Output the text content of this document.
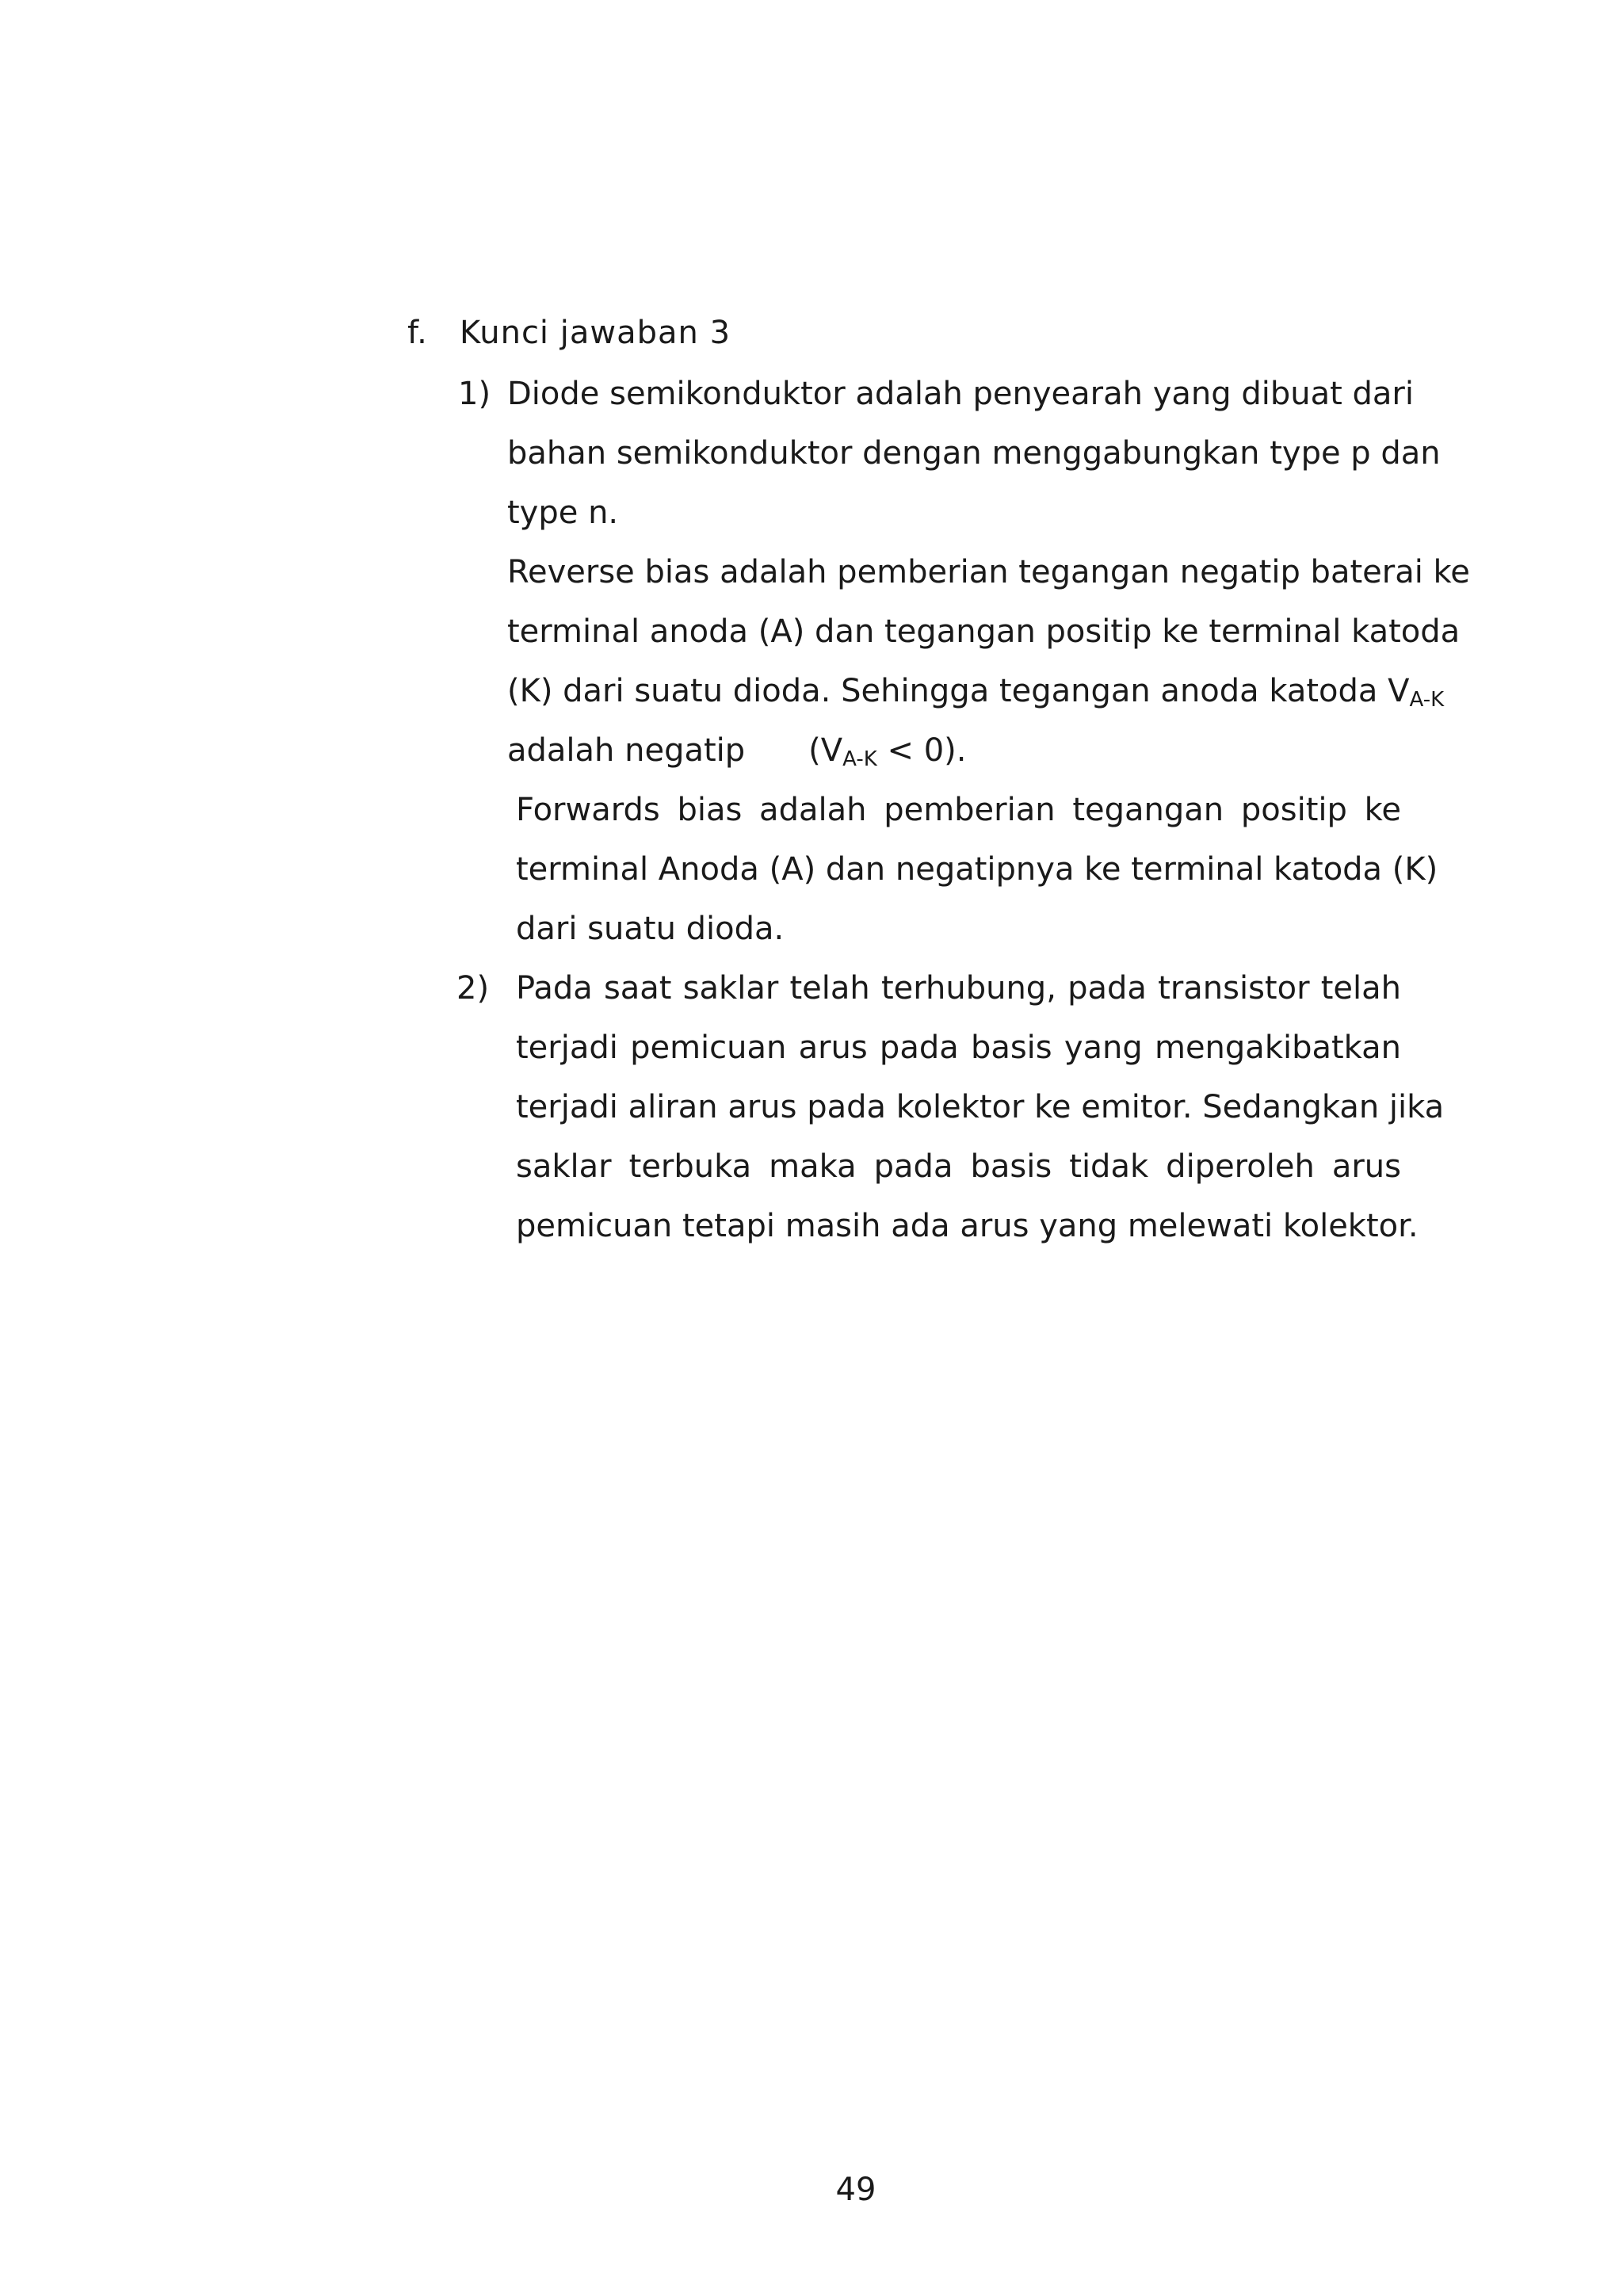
f. Kunci jawaban 3
1) Diode semikonduktor adalah penyearah yang dibuat dari
bahan semikonduktor dengan menggabungkan type p dan
type n.
Reverse bias adalah pemberian tegangan negatip baterai ke
terminal anoda (A) dan tegangan positip ke terminal katoda
(K) dari suatu dioda. Sehingga tegangan anoda katoda $V_{A-K}$
adalah negatip $(V_{A-K} < 0)$.
Forwards bias adalah pemberian tegangan positip ke
terminal Anoda (A) dan negatipnya ke terminal katoda (K)
dari suatu dioda.
2) Pada saat saklar telah terhubung, pada transistor telah
terjadi pemicuan arus pada basis yang mengakibatkan
terjadi aliran arus pada kolektor ke emitor. Sedangkan jika
saklar terbuka maka pada basis tidak diperoleh arus
pemicuan tetapi masih ada arus yang melewati kolektor.
49
